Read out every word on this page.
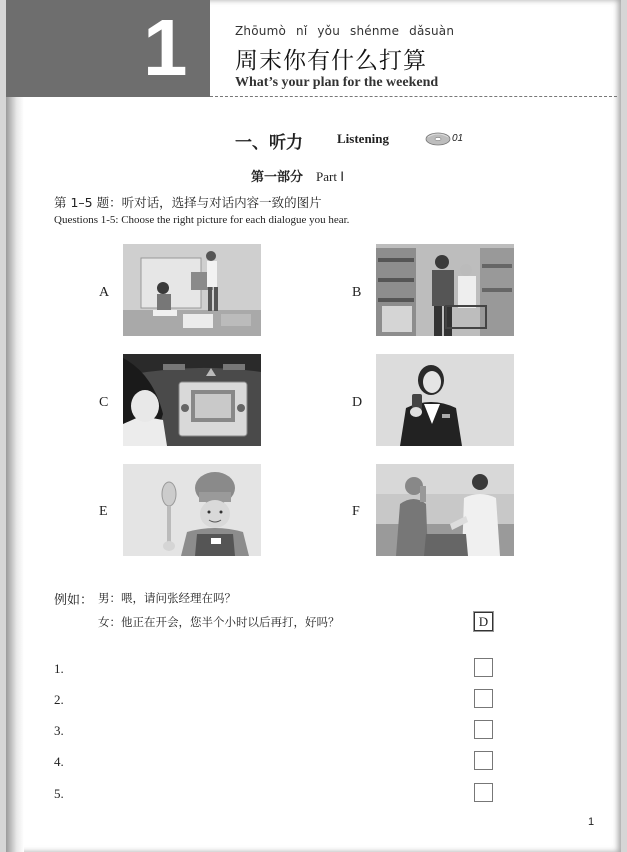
1	Zhōumò nǐ yǒu shénme dǎsuàn
周末你有什么打算
What’s your plan for the weekend
一、听力	Listening	01
第一部分 Part Ⅰ
第 1–5 题：听对话，选择与对话内容一致的图片
Questions 1-5: Choose the right picture for each dialogue you hear.
A	B
C	D
E	F
例如： 男：喂，请问张经理在吗？
女：他正在开会，您半个小时以后再打，好吗？	D
1.
2.
3.
4.
5.
1
